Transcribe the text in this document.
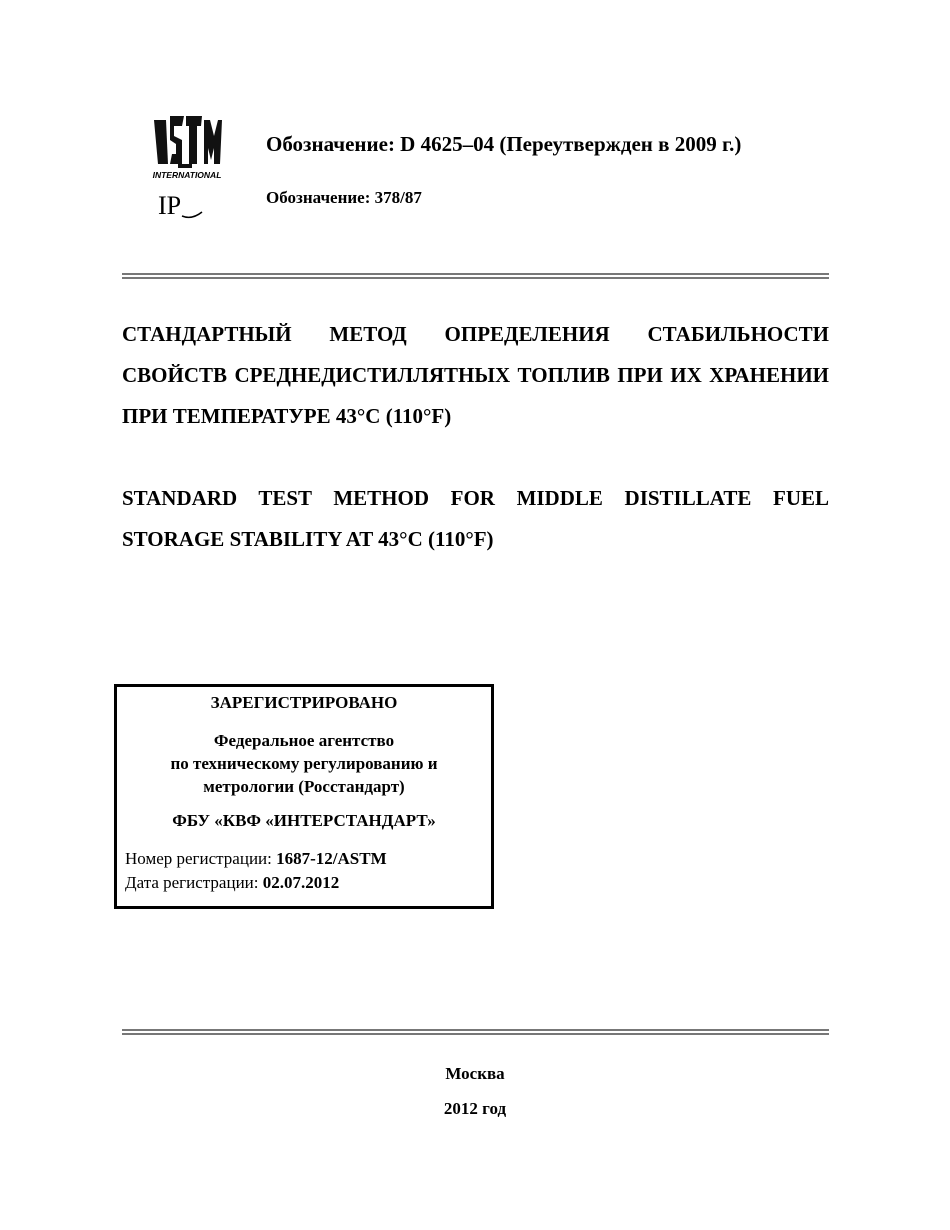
INTERNATIONAL
IP
Обозначение: D 4625–04 (Переутвержден в 2009 г.)
Обозначение: 378/87
СТАНДАРТНЫЙ МЕТОД ОПРЕДЕЛЕНИЯ СТАБИЛЬНОСТИ СВОЙСТВ СРЕДНЕДИСТИЛЛЯТНЫХ ТОПЛИВ ПРИ ИХ ХРАНЕНИИ ПРИ ТЕМПЕРАТУРЕ 43°C (110°F)
STANDARD TEST METHOD FOR MIDDLE DISTILLATE FUEL STORAGE STABILITY AT 43°C (110°F)
ЗАРЕГИСТРИРОВАНО
Федеральное агентство
по техническому регулированию и
метрологии (Росстандарт)
ФБУ «КВФ «ИНТЕРСТАНДАРТ»
Номер регистрации: 1687-12/ASTM
Дата регистрации: 02.07.2012
Москва
2012 год
